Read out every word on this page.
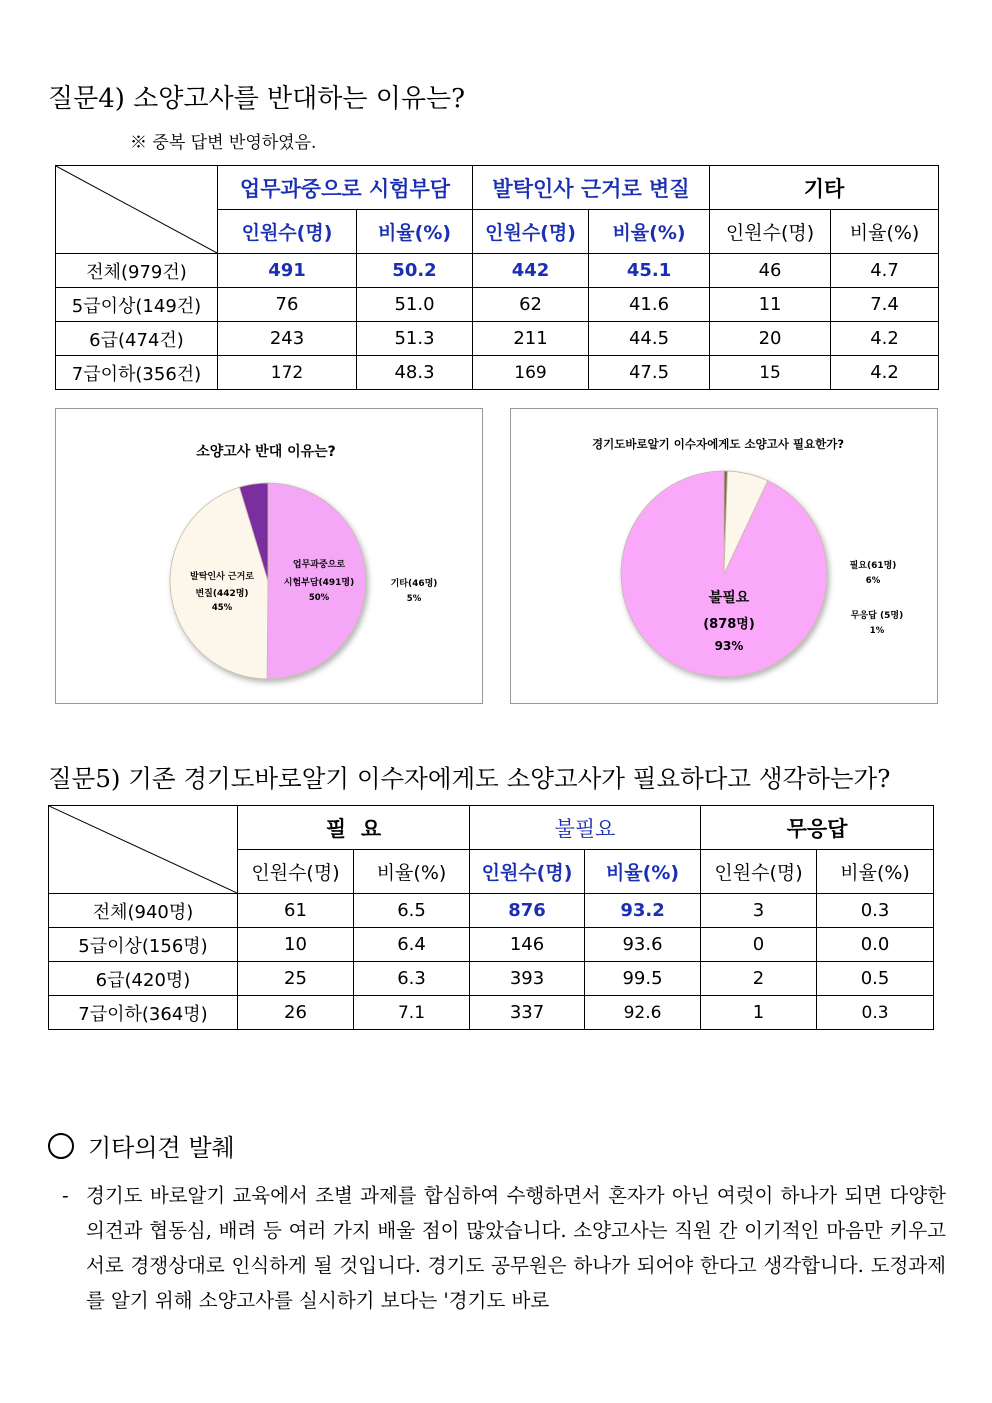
질문4) 소양고사를 반대하는 이유는?
※ 중복 답변 반영하였음.
	업무과중으로 시험부담		발탁인사 근거로 변질		기타	
	인원수(명)	비율(%)	인원수(명)	비율(%)	인원수(명)	비율(%)
전체(979건)	491	50.2	442	45.1	46	4.7
5급이상(149건)	76	51.0	62	41.6	11	7.4
6급(474건)	243	51.3	211	44.5	20	4.2
7급이하(356건)	172	48.3	169	47.5	15	4.2
소양고사 반대 이유는?
업무과중으로
시험부담(491명)
50%
발탁인사 근거로
변질(442명)
45%
기타(46명)
5%
경기도바로알기 이수자에게도 소양고사 필요한가?
불필요
(878명)
93%
필요(61명)
6%
무응답 (5명)
1%
질문5) 기존 경기도바로알기 이수자에게도 소양고사가 필요하다고 생각하는가?
	필  요		불필요		무응답	
	인원수(명)	비율(%)	인원수(명)	비율(%)	인원수(명)	비율(%)
전체(940명)	61	6.5	876	93.2	3	0.3
5급이상(156명)	10	6.4	146	93.6	0	0.0
6급(420명)	25	6.3	393	99.5	2	0.5
7급이하(364명)	26	7.1	337	92.6	1	0.3
기타의견 발췌
- 경기도 바로알기 교육에서 조별 과제를 합심하여 수행하면서 혼자가 아닌 여럿이 하나가 되면 다양한 의견과 협동심, 배려 등 여러 가지 배울 점이 많았습니다. 소양고사는 직원 간 이기적인 마음만 키우고 서로 경쟁상대로 인식하게 될 것입니다. 경기도 공무원은 하나가 되어야 한다고 생각합니다. 도정과제를 알기 위해 소양고사를 실시하기 보다는 '경기도 바로
